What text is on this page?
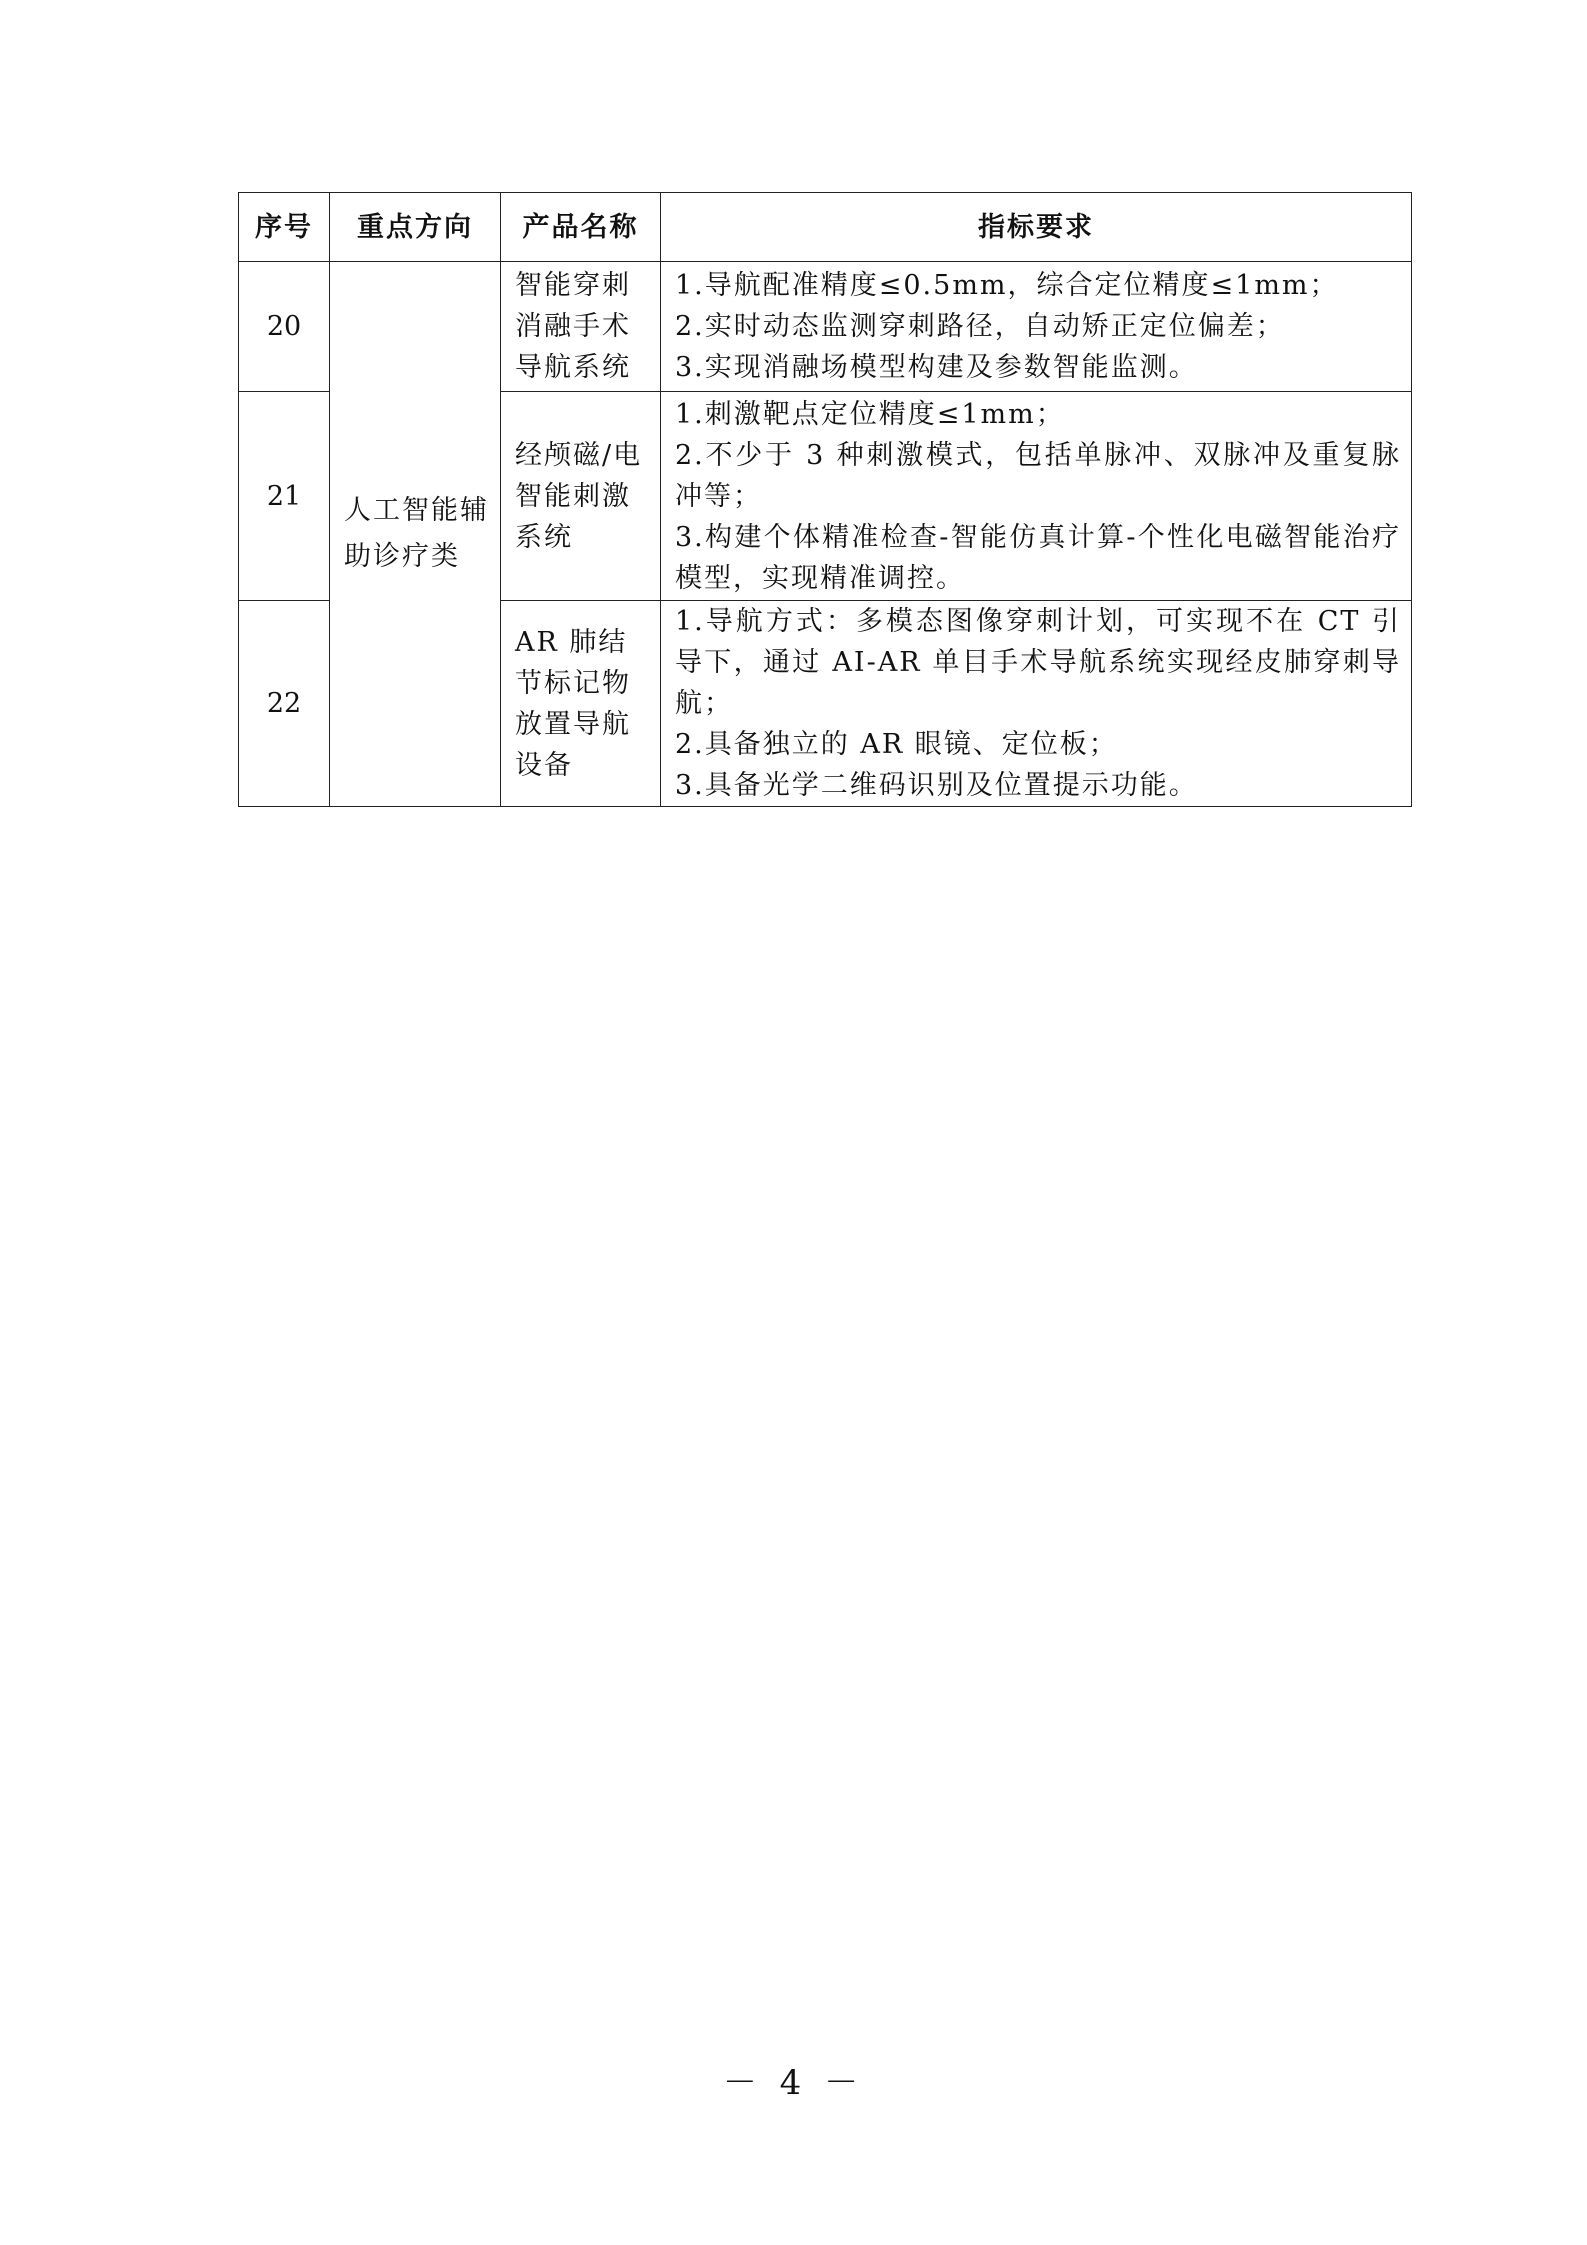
序号	重点方向	产品名称	指标要求
20	人工智能辅助诊疗类	智能穿刺消融手术导航系统	1.导航配准精度≤0.5mm，综合定位精度≤1mm；
2.实时动态监测穿刺路径，自动矫正定位偏差；
3.实现消融场模型构建及参数智能监测。

21		经颅磁/电智能刺激系统	1.刺激靶点定位精度≤1mm；
2.不少于 3 种刺激模式，包括单脉冲、双脉冲及重复脉冲等；
3.构建个体精准检查-智能仿真计算-个性化电磁智能治疗模型，实现精准调控。

22		AR 肺结节标记物放置导航设备	1.导航方式：多模态图像穿刺计划，可实现不在 CT 引导下，通过 AI-AR 单目手术导航系统实现经皮肺穿刺导航；
2.具备独立的 AR 眼镜、定位板；
3.具备光学二维码识别及位置提示功能。
－ 4 －
